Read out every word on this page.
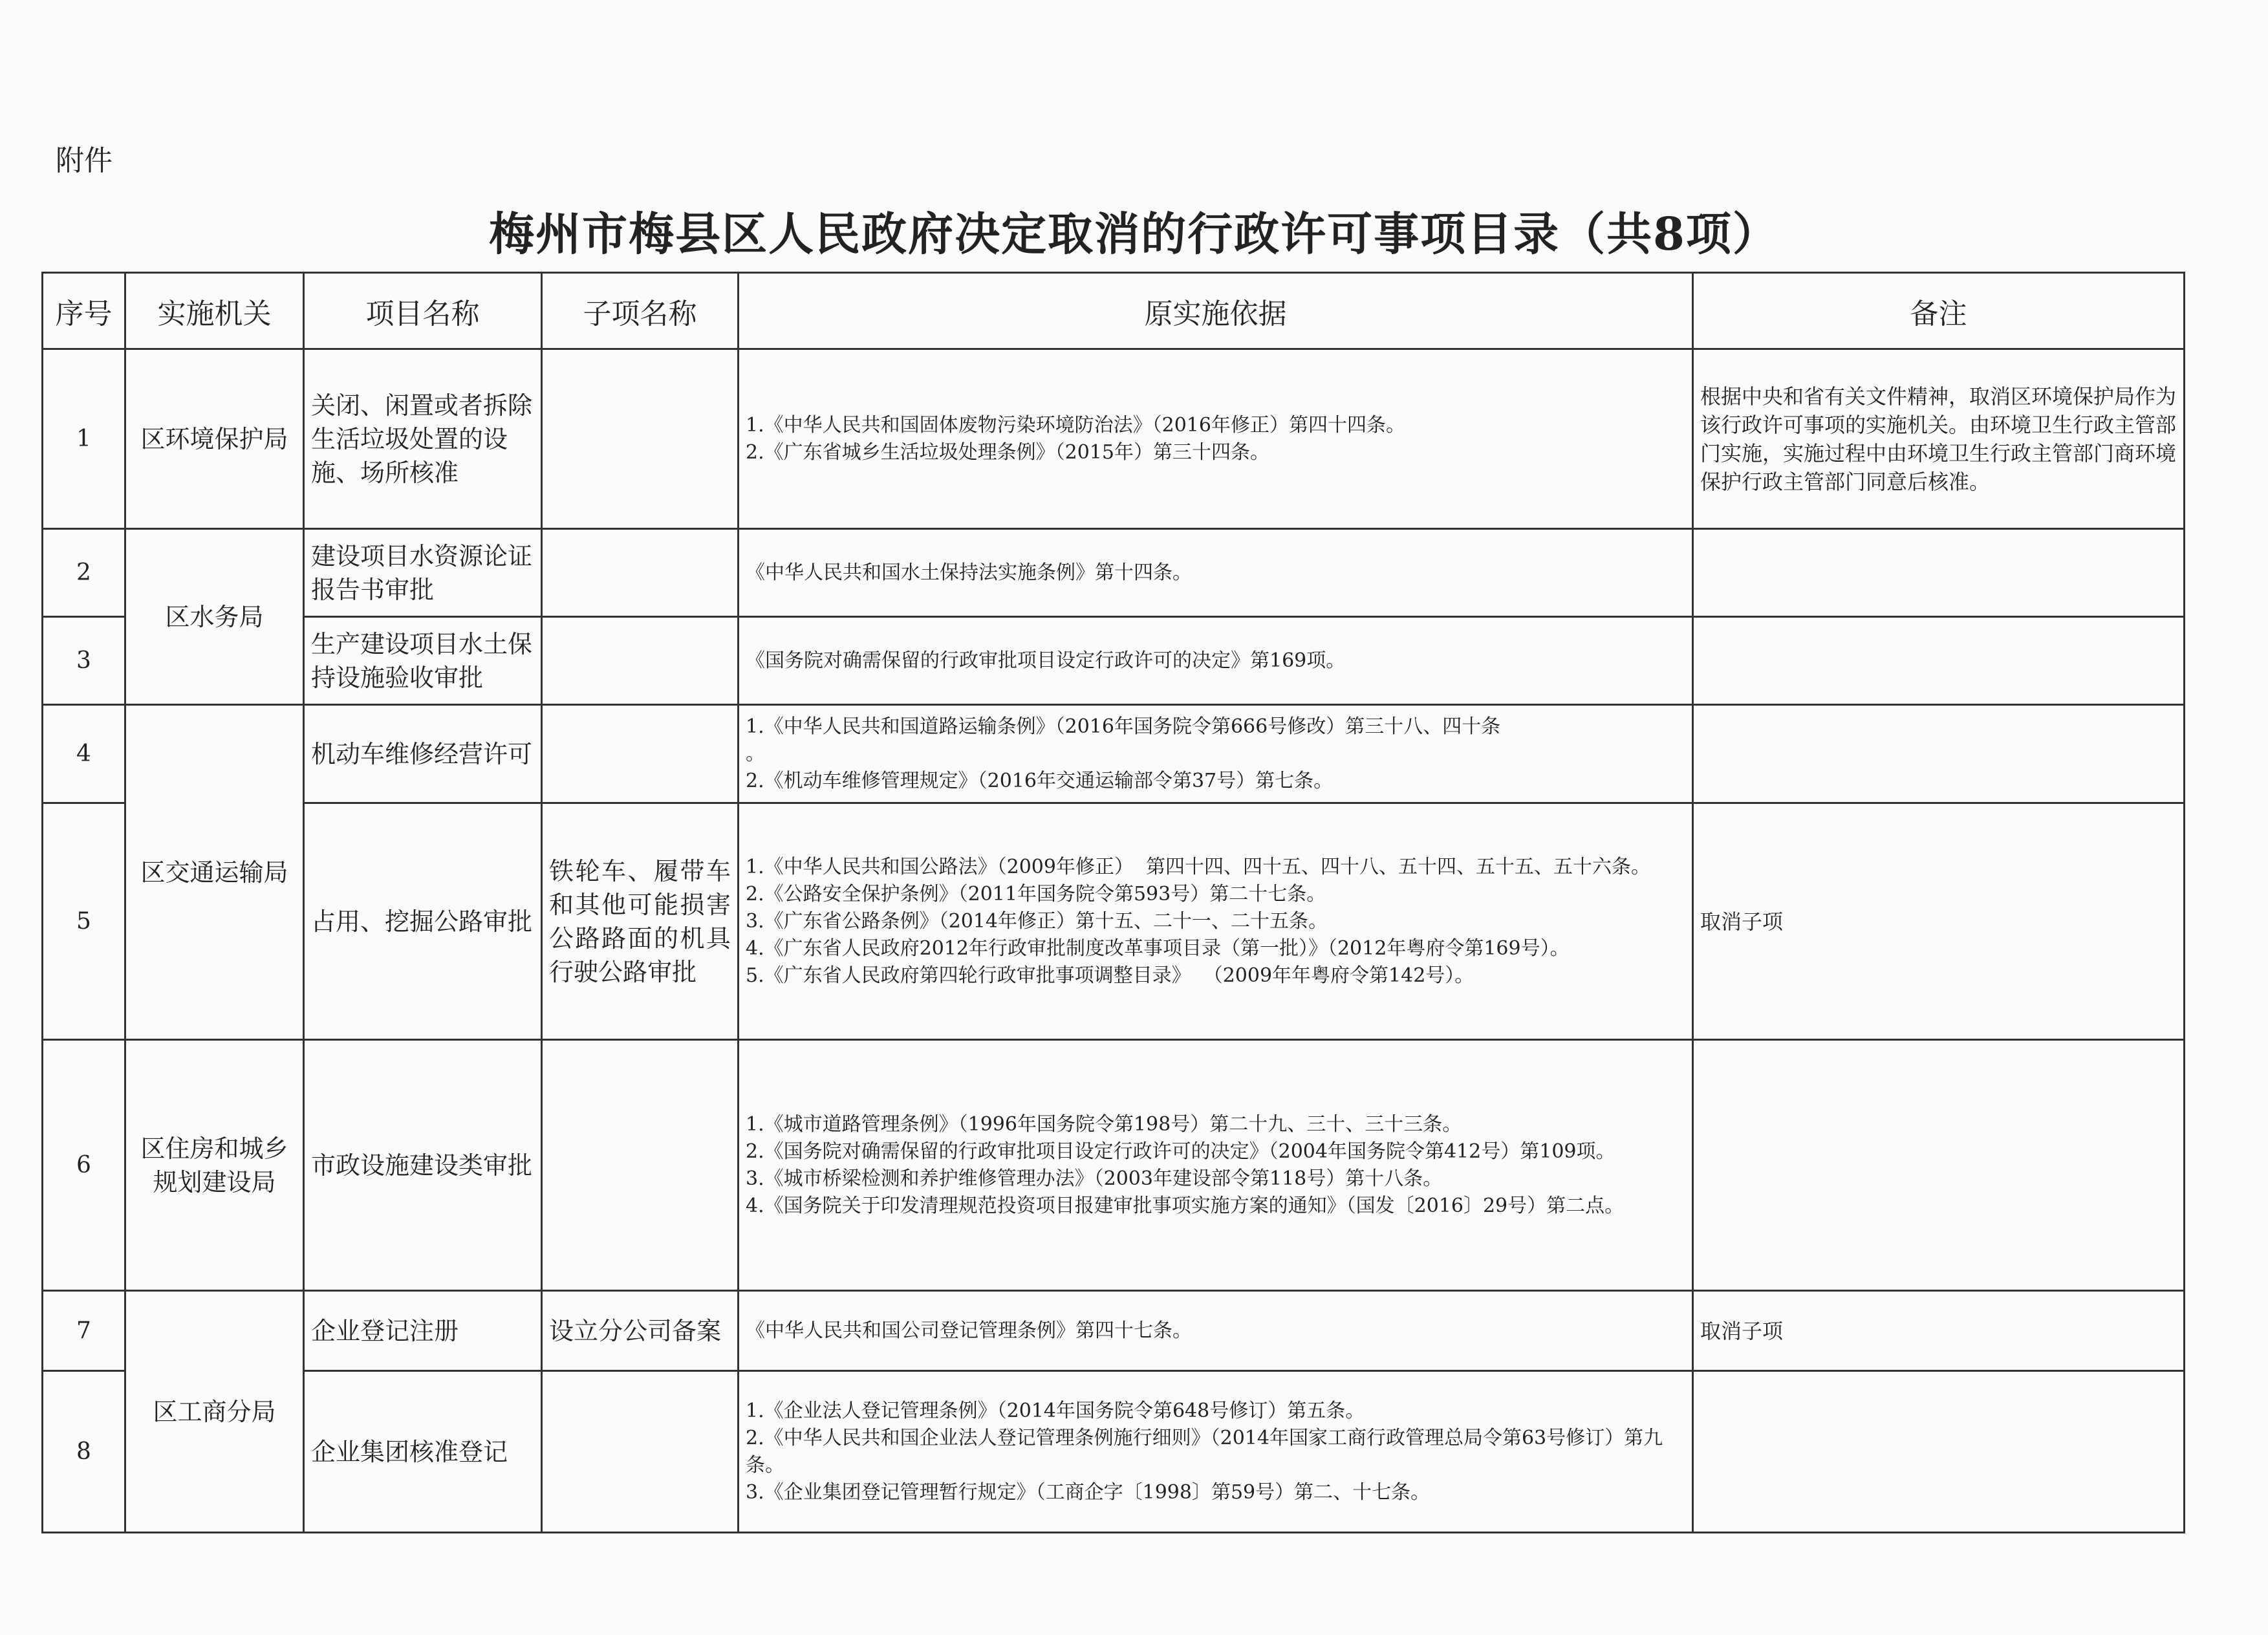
附件
梅州市梅县区人民政府决定取消的行政许可事项目录（共8项）
序号	实施机关	项目名称	子项名称	原实施依据	备注
1	区环境保护局	关闭、闲置或者拆除生活垃圾处置的设施、场所核准		1.《中华人民共和国固体废物污染环境防治法》（2016年修正）第四十四条。
2.《广东省城乡生活垃圾处理条例》（2015年）第三十四条。	根据中央和省有关文件精神，取消区环境保护局作为该行政许可事项的实施机关。由环境卫生行政主管部门实施，实施过程中由环境卫生行政主管部门商环境保护行政主管部门同意后核准。
2	区水务局	建设项目水资源论证报告书审批		《中华人民共和国水土保持法实施条例》第十四条。	

3		生产建设项目水土保持设施验收审批		《国务院对确需保留的行政审批项目设定行政许可的决定》第169项。	

4	区交通运输局	机动车维修经营许可		1.《中华人民共和国道路运输条例》（2016年国务院令第666号修改）第三十八、四十条
。
2.《机动车维修管理规定》（2016年交通运输部令第37号）第七条。	

5		占用、挖掘公路审批	铁轮车、履带车和其他可能损害公路路面的机具行驶公路审批	1.《中华人民共和国公路法》（2009年修正）  第四十四、四十五、四十八、五十四、五十五、五十六条。
2.《公路安全保护条例》（2011年国务院令第593号）第二十七条。
3.《广东省公路条例》（2014年修正）第十五、二十一、二十五条。
4.《广东省人民政府2012年行政审批制度改革事项目录（第一批）》（2012年粤府令第169号）。
5.《广东省人民政府第四轮行政审批事项调整目录》  （2009年年粤府令第142号）。	取消子项
6	区住房和城乡规划建设局	市政设施建设类审批		1.《城市道路管理条例》（1996年国务院令第198号）第二十九、三十、三十三条。
2.《国务院对确需保留的行政审批项目设定行政许可的决定》（2004年国务院令第412号）第109项。
3.《城市桥梁检测和养护维修管理办法》（2003年建设部令第118号）第十八条。
4.《国务院关于印发清理规范投资项目报建审批事项实施方案的通知》（国发〔2016〕29号）第二点。	

7	区工商分局	企业登记注册	设立分公司备案	《中华人民共和国公司登记管理条例》第四十七条。	取消子项
8		企业集团核准登记		1.《企业法人登记管理条例》（2014年国务院令第648号修订）第五条。
2.《中华人民共和国企业法人登记管理条例施行细则》（2014年国家工商行政管理总局令第63号修订）第九条。
3.《企业集团登记管理暂行规定》（工商企字〔1998〕第59号）第二、十七条。	
